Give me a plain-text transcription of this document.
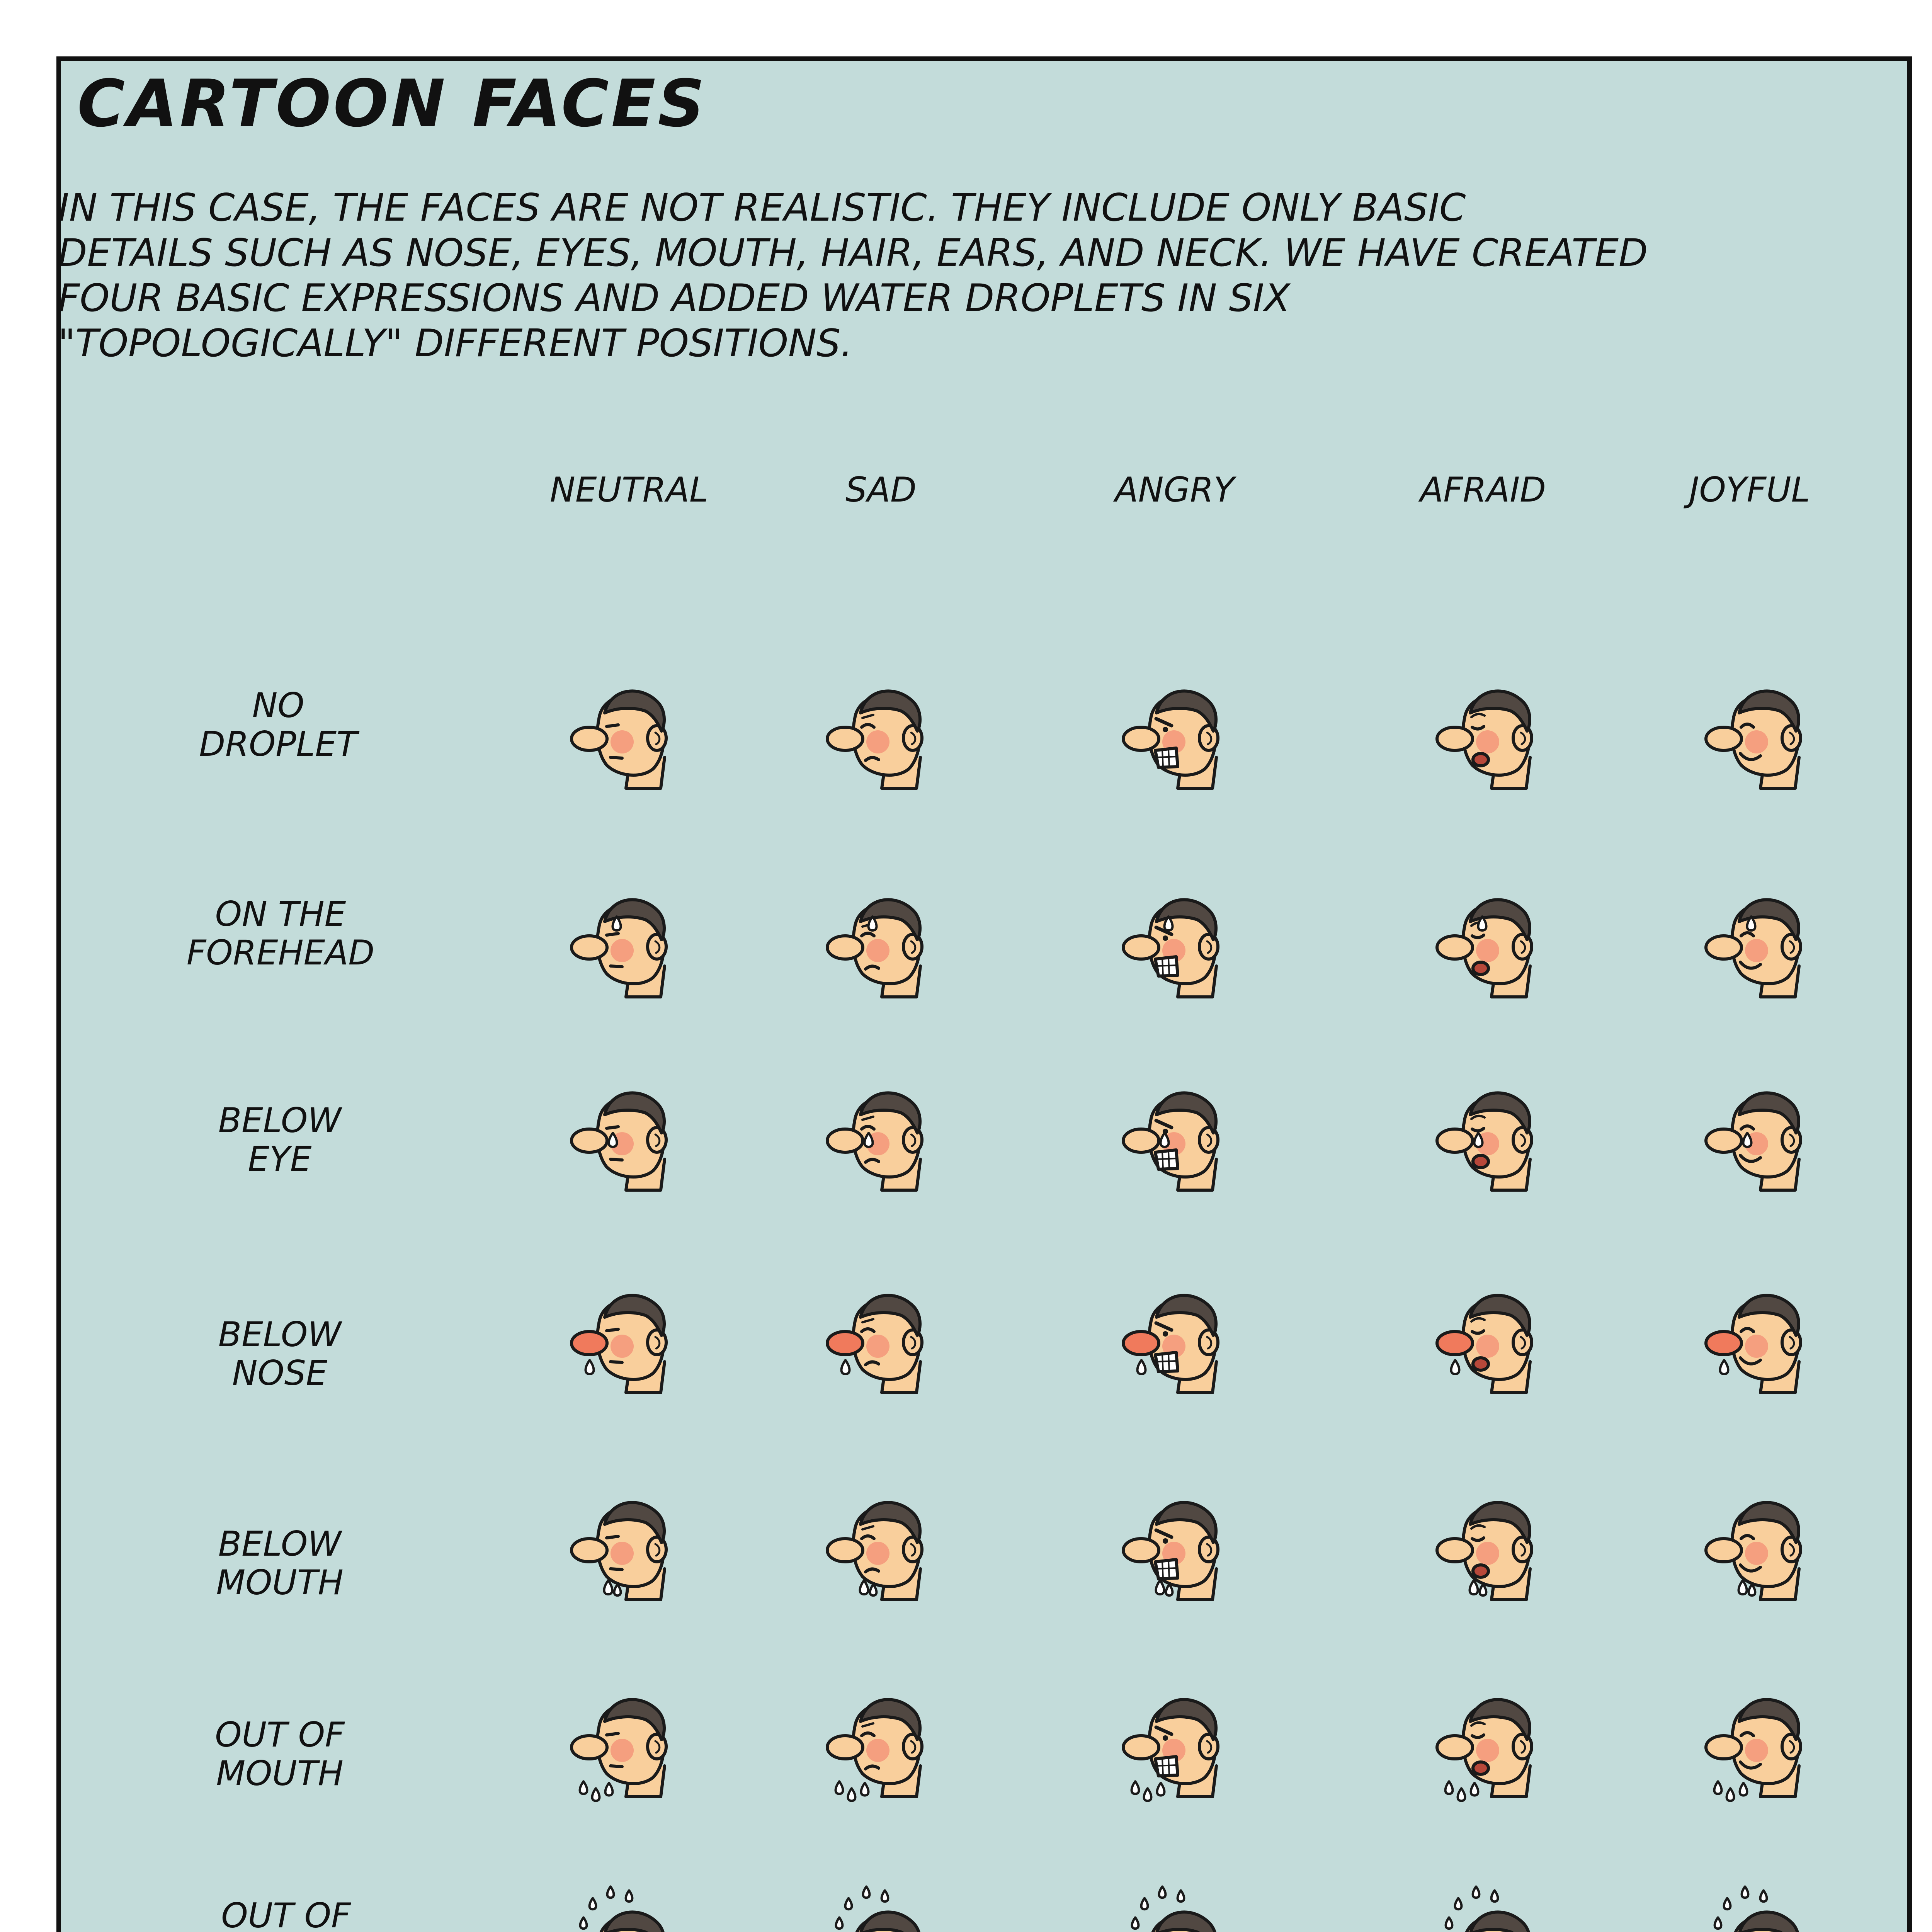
CARTOON FACES

IN THIS CASE, THE FACES ARE NOT REALISTIC. THEY INCLUDE ONLY BASIC
DETAILS SUCH AS NOSE, EYES, MOUTH, HAIR, EARS, AND NECK. WE HAVE CREATED
FOUR BASIC EXPRESSIONS AND ADDED WATER DROPLETS IN SIX
"TOPOLOGICALLY" DIFFERENT POSITIONS.

NEUTRAL	SAD	ANGRY	AFRAID	JOYFUL
NO
DROPLET
ON THE
FOREHEAD
BELOW
EYE
BELOW
NOSE
BELOW
MOUTH
OUT OF
MOUTH
OUT OF
